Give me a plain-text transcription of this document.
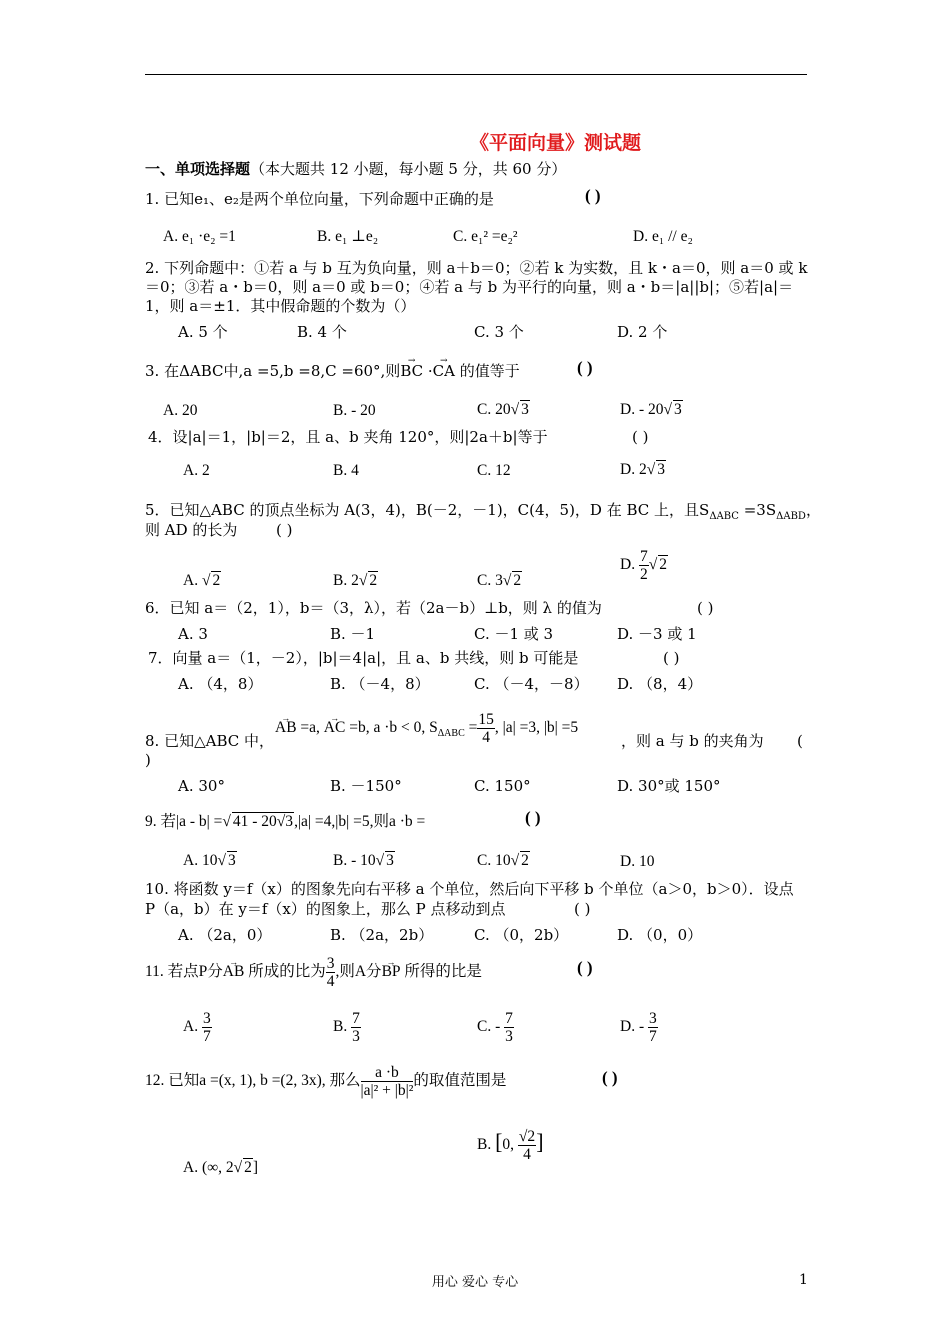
《平面向量》测试题
一、单项选择题（本大题共 12 小题，每小题 5 分，共 60 分）
1. 已知e₁、e₂是两个单位向量，下列命题中正确的是	( )
A. e₁ ·e₂ =1	B. e₁ ⊥e₂	C. e₁² =e₂²	D. e₁ // e₂
2. 下列命题中：①若 a 与 b 互为负向量，则 a＋b＝0；②若 k 为实数，且 k・a＝0，则 a＝0 或 k
＝0；③若 a・b＝0，则 a＝0 或 b＝0；④若 a 与 b 为平行的向量，则 a・b＝|a||b|；⑤若|a|＝
1，则 a＝±1．其中假命题的个数为（）
A. 5 个	B. 4 个	C. 3 个	D. 2 个
3. 在ΔABC中,a =5,b =8,C =60°,则→ BC ·→ CA 的值等于	( )
A. 20	B. - 20	C. 20√ 3	D. - 20√ 3
4．设|a|＝1，|b|＝2，且 a、b 夹角 120°，则|2a＋b|等于	( )
A. 2	B. 4	C. 12	D. 2√ 3
5．已知△ABC 的顶点坐标为 A(3，4)，B(－2，－1)，C(4，5)，D 在 BC 上，且$S_{\Delta ABC} =3S_{\Delta ABD}$，
则 AD 的长为	( )
A. √ 2	B. 2√ 2	C. 3√ 2
D. $\frac{7}{2}$ √ 2
6．已知 a＝（2，1），b＝（3，λ），若（2a－b）⊥b，则 λ 的值为	( )
A. 3	B. －1	C. －1 或 3	D. －3 或 1
7．向量 a＝（1，－2），|b|＝4|a|，且 a、b 共线，则 b 可能是	( )
A. （4，8）	B. （－4，8）	C. （－4，－8） D. （8，4）
→ AB =a, → AC =b, a ·b < 0, $S_{\Delta ABC} = \frac{15}{4}$ , |a| =3, |b| =5
8. 已知△ABC 中，	，则 a 与 b 的夹角为 (
)
A. 30°	B. －150°	C. 150°	D. 30°或 150°
9. 若|a - b| =√ 41 - 20√3,|a| =4,|b| =5,则a ·b =	( )
A. 10√ 3	B. - 10√ 3	C. 10√ 2	D. 10
10. 将函数 y＝f（x）的图象先向右平移 a 个单位，然后向下平移 b 个单位（a＞0，b＞0）．设点
P（a，b）在 y＝f（x）的图象上，那么 P 点移动到点	( )
A. （2a，0）	B. （2a，2b）	C. （0，2b）	D. （0，0）
11. 若点P分→ AB 所成的比为 $\frac{3}{4}$ ,则A分→ BP 所得的比是	( )
A. $\frac{3}{7}$	B. $\frac{7}{3}$	C. - $\frac{7}{3}$	D. - $\frac{3}{7}$
12. 已知a =(x, 1), b =(2, 3x), 那么 $\frac{a \cdot b}{\text{|a|² + |b|²}}$ 的取值范围是	( )
B. [0, $\frac{√2}{4}$ ]
A. (∞, 2√ 2]
用心 爱心 专心	1
